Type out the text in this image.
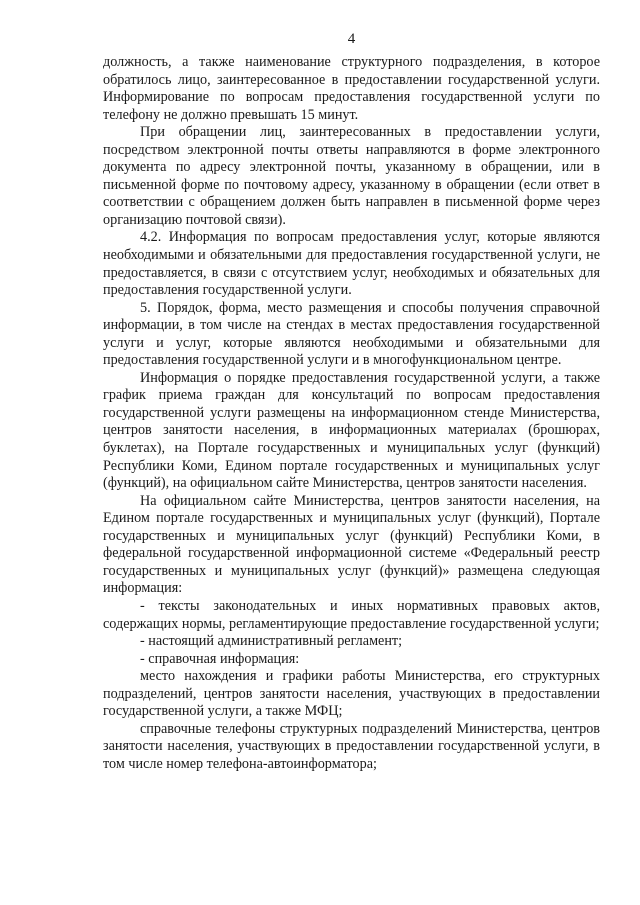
4

должность, а также наименование структурного подразделения, в которое обратилось лицо, заинтересованное в предоставлении государственной услуги. Информирование по вопросам предоставления государственной услуги по телефону не должно превышать 15 минут.

При обращении лиц, заинтересованных в предоставлении услуги, посредством электронной почты ответы направляются в форме электронного документа по адресу электронной почты, указанному в обращении, или в письменной форме по почтовому адресу, указанному в обращении (если ответ в соответствии с обращением должен быть направлен в письменной форме через организацию почтовой связи).

4.2. Информация по вопросам предоставления услуг, которые являются необходимыми и обязательными для предоставления государственной услуги, не предоставляется, в связи с отсутствием услуг, необходимых и обязательных для предоставления государственной услуги.

5. Порядок, форма, место размещения и способы получения справочной информации, в том числе на стендах в местах предоставления государственной услуги и услуг, которые являются необходимыми и обязательными для предоставления государственной услуги и в многофункциональном центре.

Информация о порядке предоставления государственной услуги, а также график приема граждан для консультаций по вопросам предоставления государственной услуги размещены на информационном стенде Министерства, центров занятости населения, в информационных материалах (брошюрах, буклетах), на Портале государственных и муниципальных услуг (функций) Республики Коми, Едином портале государственных и муниципальных услуг (функций), на официальном сайте Министерства, центров занятости населения.

На официальном сайте Министерства, центров занятости населения, на Едином портале государственных и муниципальных услуг (функций), Портале государственных и муниципальных услуг (функций) Республики Коми, в федеральной государственной информационной системе «Федеральный реестр государственных и муниципальных услуг (функций)» размещена следующая информация:

- тексты законодательных и иных нормативных правовых актов, содержащих нормы, регламентирующие предоставление государственной услуги;

- настоящий административный регламент;

- справочная информация:

место нахождения и графики работы Министерства, его структурных подразделений, центров занятости населения, участвующих в предоставлении государственной услуги, а также МФЦ;

справочные телефоны структурных подразделений Министерства, центров занятости населения, участвующих в предоставлении государственной услуги, в том числе номер телефона-автоинформатора;
